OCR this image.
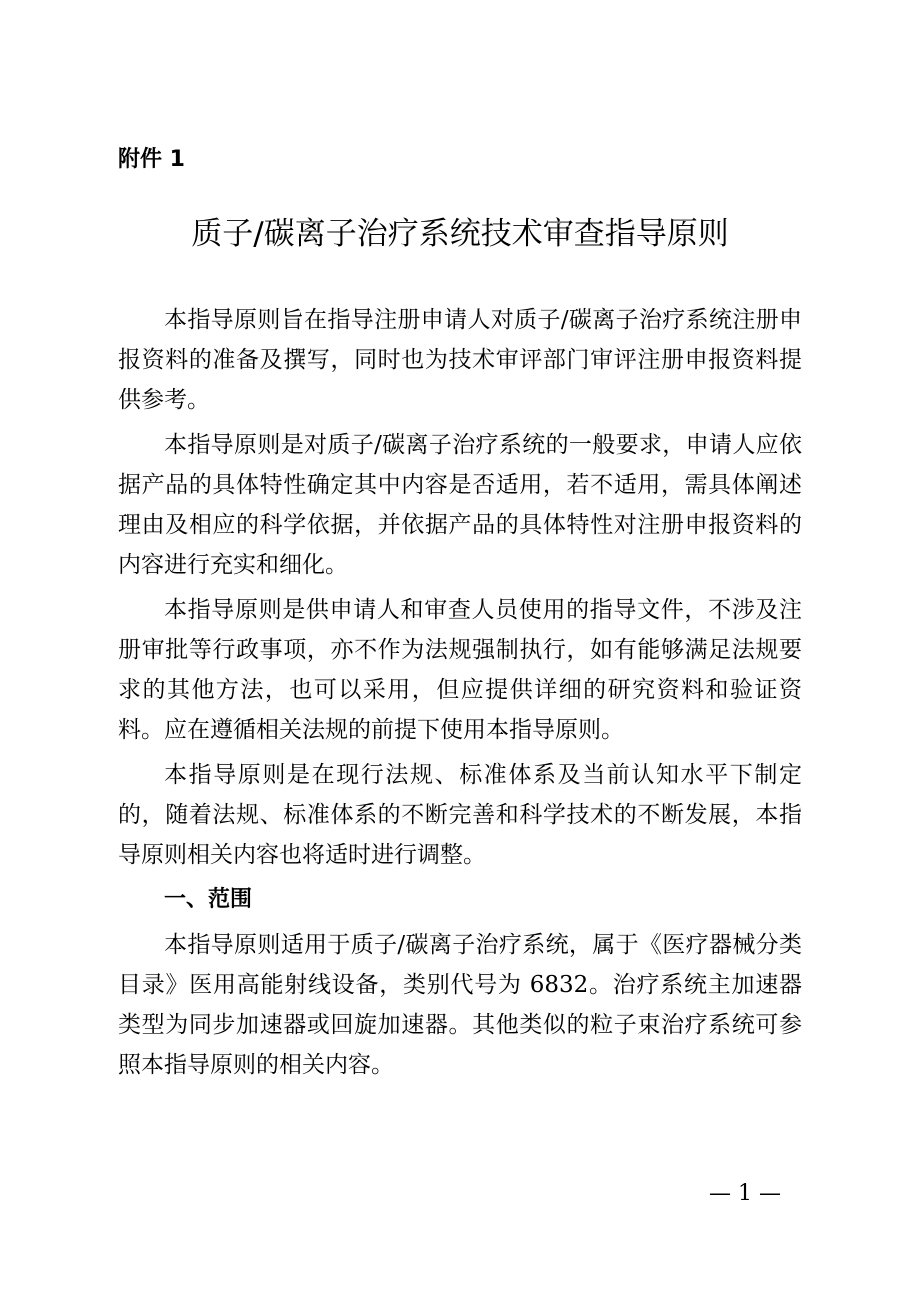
附件 1
质子/碳离子治疗系统技术审查指导原则

本指导原则旨在指导注册申请人对质子/碳离子治疗系统注册申报资料的准备及撰写，同时也为技术审评部门审评注册申报资料提供参考。

本指导原则是对质子/碳离子治疗系统的一般要求，申请人应依据产品的具体特性确定其中内容是否适用，若不适用，需具体阐述理由及相应的科学依据，并依据产品的具体特性对注册申报资料的内容进行充实和细化。

本指导原则是供申请人和审查人员使用的指导文件，不涉及注册审批等行政事项，亦不作为法规强制执行，如有能够满足法规要求的其他方法，也可以采用，但应提供详细的研究资料和验证资料。应在遵循相关法规的前提下使用本指导原则。

本指导原则是在现行法规、标准体系及当前认知水平下制定的，随着法规、标准体系的不断完善和科学技术的不断发展，本指导原则相关内容也将适时进行调整。

一、范围

本指导原则适用于质子/碳离子治疗系统，属于《医疗器械分类目录》医用高能射线设备，类别代号为 6832。治疗系统主加速器类型为同步加速器或回旋加速器。其他类似的粒子束治疗系统可参照本指导原则的相关内容。

— 1 —
